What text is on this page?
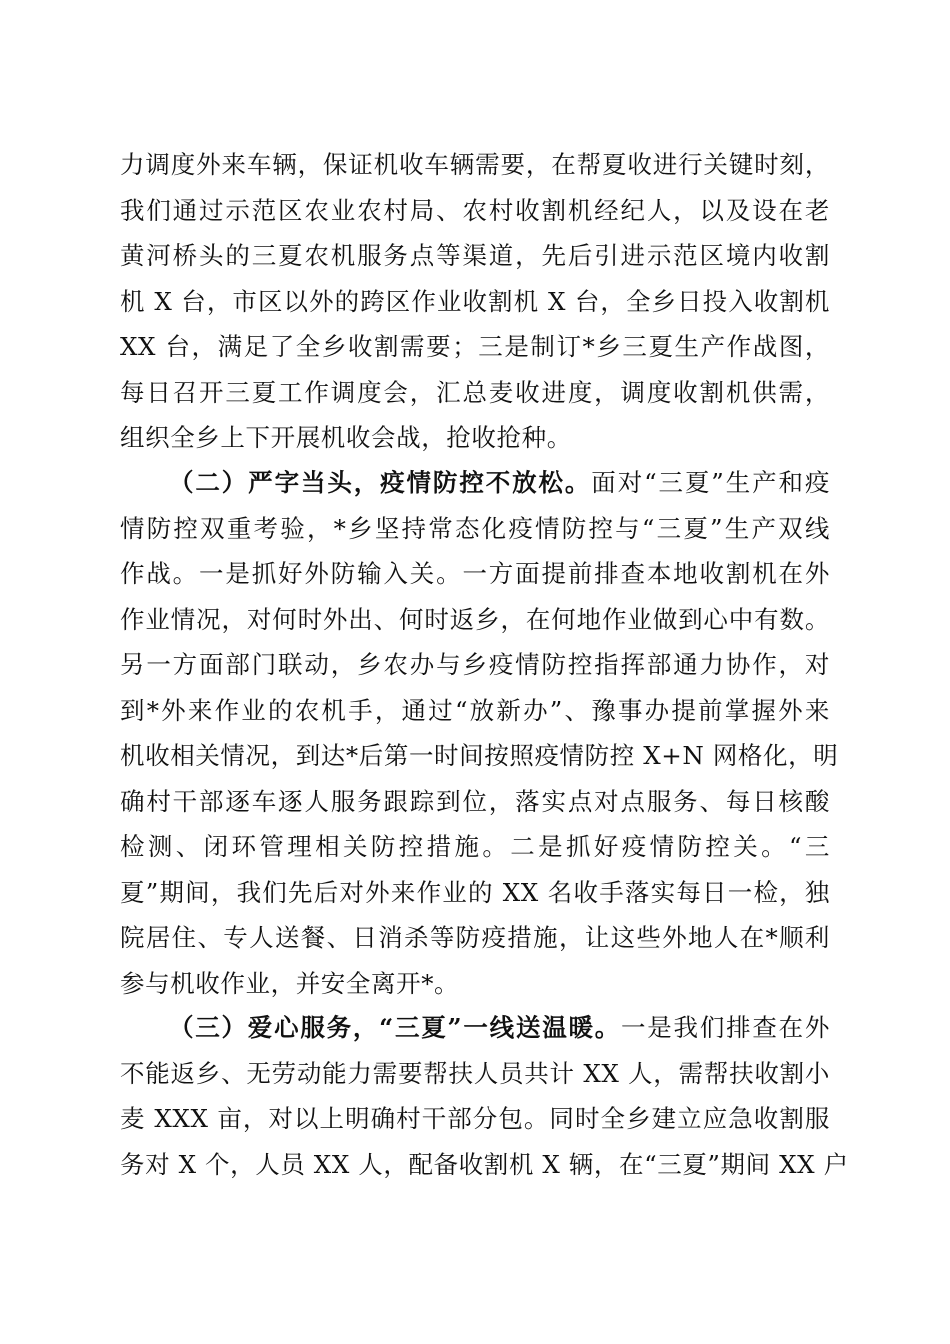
力调度外来车辆，保证机收车辆需要，在帮夏收进行关键时刻，
我们通过示范区农业农村局、农村收割机经纪人，以及设在老
黄河桥头的三夏农机服务点等渠道，先后引进示范区境内收割
机 X 台，市区以外的跨区作业收割机 X 台，全乡日投入收割机
XX 台，满足了全乡收割需要；三是制订*乡三夏生产作战图，
每日召开三夏工作调度会，汇总麦收进度，调度收割机供需，
组织全乡上下开展机收会战，抢收抢种。
（二）严字当头，疫情防控不放松。面对“三夏”生产和疫
情防控双重考验，*乡坚持常态化疫情防控与“三夏”生产双线
作战。一是抓好外防输入关。一方面提前排查本地收割机在外
作业情况，对何时外出、何时返乡，在何地作业做到心中有数。
另一方面部门联动，乡农办与乡疫情防控指挥部通力协作，对
到*外来作业的农机手，通过“放新办”、豫事办提前掌握外来
机收相关情况，到达*后第一时间按照疫情防控 X+N 网格化，明
确村干部逐车逐人服务跟踪到位，落实点对点服务、每日核酸
检测、闭环管理相关防控措施。二是抓好疫情防控关。“三
夏”期间，我们先后对外来作业的 XX 名收手落实每日一检，独
院居住、专人送餐、日消杀等防疫措施，让这些外地人在*顺利
参与机收作业，并安全离开*。
（三）爱心服务，“三夏”一线送温暖。一是我们排查在外
不能返乡、无劳动能力需要帮扶人员共计 XX 人，需帮扶收割小
麦 XXX 亩，对以上明确村干部分包。同时全乡建立应急收割服
务对 X 个，人员 XX 人，配备收割机 X 辆，在“三夏”期间 XX 户
